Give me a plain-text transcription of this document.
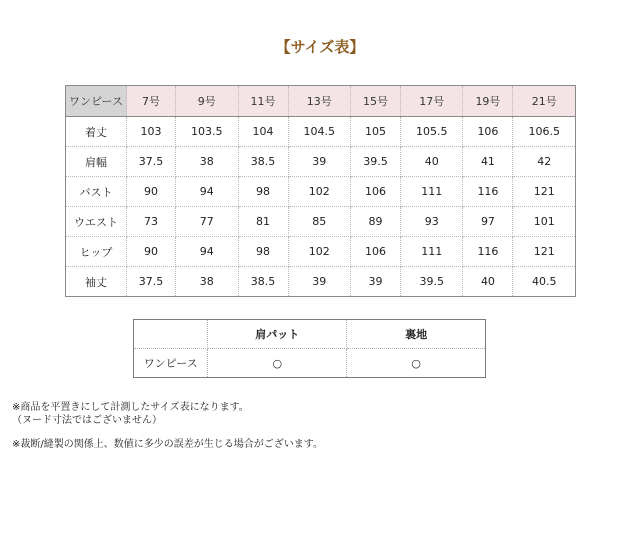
【サイズ表】
ワンピース	7号	9号	11号	13号	15号	17号	19号	21号
着丈	103	103.5	104	104.5	105	105.5	106	106.5
肩幅	37.5	38	38.5	39	39.5	40	41	42
バスト	90	94	98	102	106	111	116	121
ウエスト	73	77	81	85	89	93	97	101
ヒップ	90	94	98	102	106	111	116	121
袖丈	37.5	38	38.5	39	39	39.5	40	40.5
	肩パット	裏地
ワンピース	○	○
※商品を平置きにして計測したサイズ表になります。
（ヌード寸法ではございません）
※裁断/縫製の関係上、数値に多少の誤差が生じる場合がございます。
